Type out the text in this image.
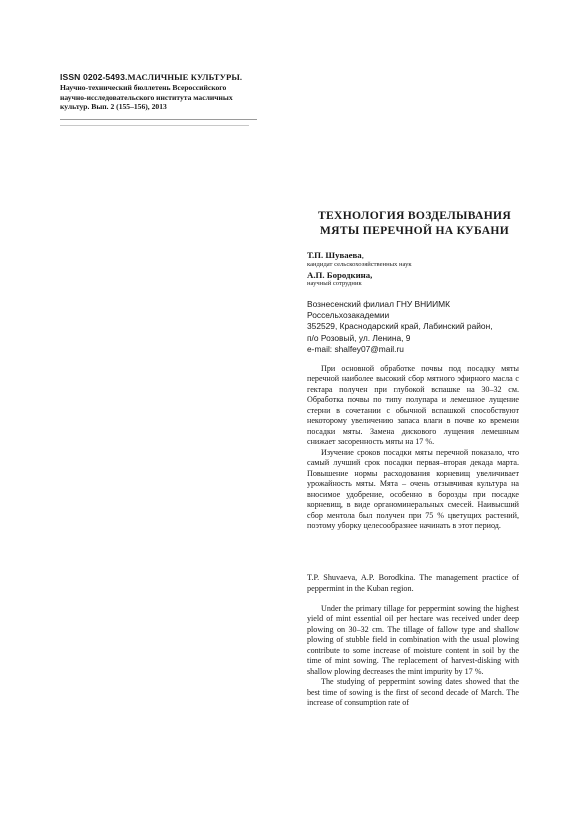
ISSN 0202-5493.МАСЛИЧНЫЕ КУЛЬТУРЫ.
Научно-технический бюллетень Всероссийского
научно-исследовательского института масличных
культур. Вып. 2 (155–156), 2013
ТЕХНОЛОГИЯ ВОЗДЕЛЫВАНИЯ
МЯТЫ ПЕРЕЧНОЙ НА КУБАНИ
Т.П. Шуваева,
кандидат сельскохозяйственных наук
А.П. Бородкина,
научный сотрудник
Вознесенский филиал ГНУ ВНИИМК
Россельхозакадемии
352529, Краснодарский край, Лабинский район,
п/о Розовый, ул. Ленина, 9
e-mail: shalfey07@mail.ru

При основной обработке почвы под посадку мяты перечной наиболее высокий сбор мятного эфирного масла с гектара получен при глубокой вспашке на 30–32 см. Обработка почвы по типу полупара и лемешное лущение стерни в сочетании с обычной вспашкой способствуют некоторому увеличению запаса влаги в почве ко времени посадки мяты. Замена дискового лущения лемешным снижает засоренность мяты на 17 %.

Изучение сроков посадки мяты перечной показало, что самый лучший срок посадки первая–вторая декада марта. Повышение нормы расходования корневищ увеличивает урожайность мяты. Мята – очень отзывчивая культура на вносимое удобрение, особенно в борозды при посадке корневищ, в виде органоминеральных смесей. Наивысший сбор ментола был получен при 75 % цветущих растений, поэтому уборку целесообразнее начинать в этот период.

T.P. Shuvaeva, A.P. Borodkina. The management practice of peppermint in the Kuban region.

Under the primary tillage for peppermint sowing the highest yield of mint essential oil per hectare was received under deep plowing on 30–32 cm. The tillage of fallow type and shallow plowing of stubble field in combination with the usual plowing contribute to some increase of moisture content in soil by the time of mint sowing. The replacement of harvest-disking with shallow plowing decreases the mint impurity by 17 %.

The studying of peppermint sowing dates showed that the best time of sowing is the first of second decade of March. The increase of consumption rate of
